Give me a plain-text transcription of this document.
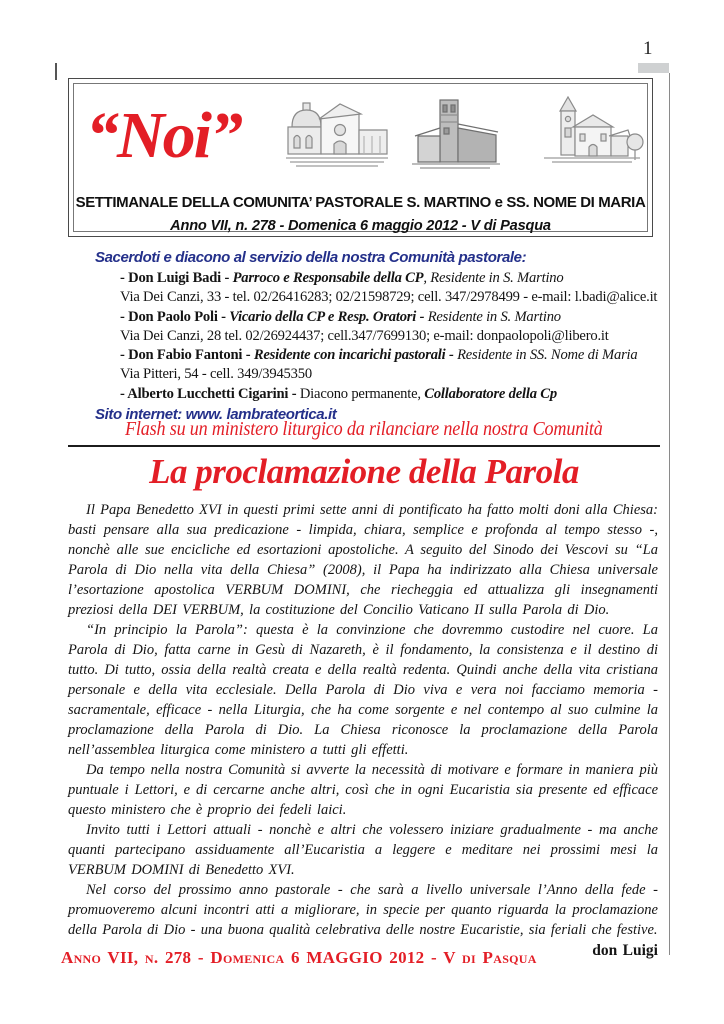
1
“Noi”
SETTIMANALE DELLA COMUNITA’ PASTORALE S. MARTINO e SS. NOME DI MARIA
Anno VII, n. 278 - Domenica 6 maggio 2012 - V di Pasqua
Sacerdoti e diacono al servizio della nostra Comunità pastorale:
- Don Luigi Badi - Parroco e Responsabile della CP, Residente in S. Martino
Via Dei Canzi, 33 - tel. 02/26416283; 02/21598729; cell. 347/2978499 - e-mail: l.badi@alice.it
- Don Paolo Poli - Vicario della CP e Resp. Oratori - Residente in S. Martino
Via Dei Canzi, 28 tel. 02/26924437; cell.347/7699130; e-mail: donpaolopoli@libero.it
- Don Fabio Fantoni - Residente con incarichi pastorali - Residente in SS. Nome di Maria
Via Pitteri, 54 - cell. 349/3945350
- Alberto Lucchetti Cigarini - Diacono permanente, Collaboratore della Cp
Sito internet: www. lambrateortica.it
Flash su un ministero liturgico da rilanciare nella nostra Comunità
La proclamazione della Parola

Il Papa Benedetto XVI in questi primi sette anni di pontificato ha fatto molti doni alla Chiesa: basti pensare alla sua predicazione - limpida, chiara, semplice e profonda al tempo stesso -, nonchè alle sue encicliche ed esortazioni apostoliche. A seguito del Sinodo dei Vescovi su “La Parola di Dio nella vita della Chiesa” (2008), il Papa ha indirizzato alla Chiesa universale l’esortazione apostolica VERBUM DOMINI, che riecheggia ed attualizza gli insegnamenti preziosi della DEI VERBUM, la costituzione del Concilio Vaticano II sulla Parola di Dio.

“In principio la Parola”: questa è la convinzione che dovremmo custodire nel cuore. La Parola di Dio, fatta carne in Gesù di Nazareth, è il fondamento, la consistenza e il destino di tutto. Di tutto, ossia della realtà creata e della realtà redenta. Quindi anche della vita cristiana personale e della vita ecclesiale. Della Parola di Dio viva e vera noi facciamo memoria - sacramentale, efficace - nella Liturgia, che ha come sorgente e nel contempo al suo culmine la proclamazione della Parola di Dio. La Chiesa riconosce la proclamazione della Parola nell’assemblea liturgica come ministero a tutti gli effetti.

Da tempo nella nostra Comunità si avverte la necessità di motivare e formare in maniera più puntuale i Lettori, e di cercarne anche altri, così che in ogni Eucaristia sia presente ed efficace questo ministero che è proprio dei fedeli laici.

Invito tutti i Lettori attuali - nonchè e altri che volessero iniziare gradualmente - ma anche quanti partecipano assiduamente all’Eucaristia a leggere e meditare nei prossimi mesi la VERBUM DOMINI di Benedetto XVI.

Nel corso del prossimo anno pastorale - che sarà a livello universale l’Anno della fede - promuoveremo alcuni incontri atti a migliorare, in specie per quanto riguarda la proclamazione della Parola di Dio - una buona qualità celebrativa delle nostre Eucaristie, sia feriali che festive.

don Luigi
Anno VII, n. 278 - Domenica 6 MAGGIO 2012 - V di Pasqua
